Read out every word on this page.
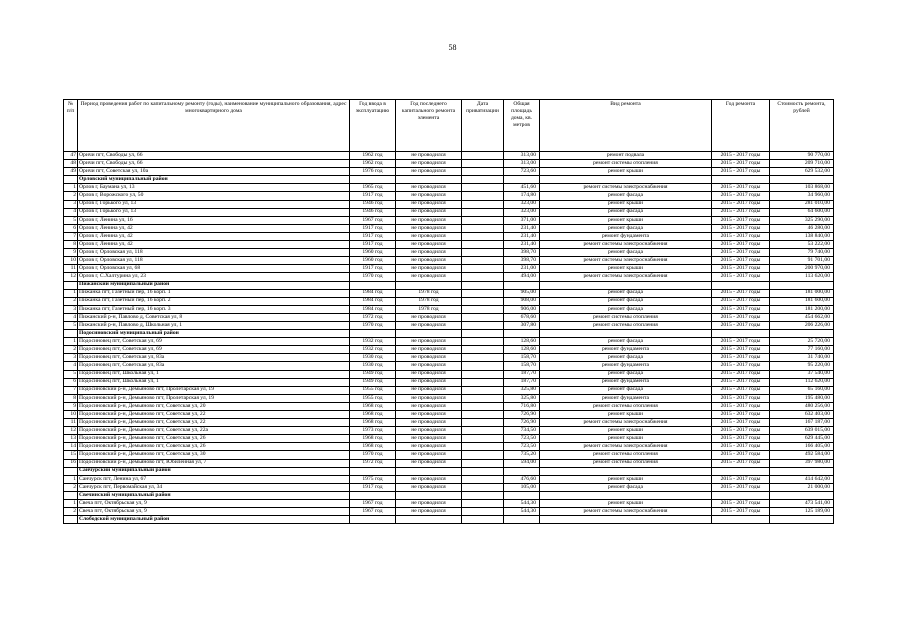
58
№ п/п	Период проведения работ по капитальному ремонту (годы), наименование муниципального образования, адрес многоквартирного дома	Год ввода в эксплуатацию	Год последнего капитального ремонта элемента	Дата приватизации	Общая площадь дома, кв. метров	Вид ремонта	Год ремонта	Стоимость ремонта, рублей
47	Оричи пгт, Свободы ул, 66	1962 год	не проводился		313,00	ремонт подвала	2015 - 2017 годы	90 770,00
48	Оричи пгт, Свободы ул, 66	1962 год	не проводился		313,00	ремонт системы отопления	2015 - 2017 годы	209 710,00
49	Оричи пгт, Советская ул, 10а	1976 год	не проводился		723,60	ремонт крыши	2015 - 2017 годы	629 532,00
	Орловский муниципальный район							
1	Орлов г, Баумана ул, 13	1965 год	не проводился		451,60	ремонт системы электроснабжения	2015 - 2017 годы	103 868,00
2	Орлов г, Ворожского ул, 50	1917 год	не проводился		174,80	ремонт фасада	2015 - 2017 годы	34 960,00
3	Орлов г, Горького ул, 13	1946 год	не проводился		323,00	ремонт крыши	2015 - 2017 годы	281 010,00
4	Орлов г, Горького ул, 13	1946 год	не проводился		323,00	ремонт фасада	2015 - 2017 годы	64 600,00
5	Орлов г, Ленина ул, 16	1967 год	не проводился		371,00	ремонт крыши	2015 - 2017 годы	325 290,00
6	Орлов г, Ленина ул, 42	1917 год	не проводился		231,40	ремонт фасада	2015 - 2017 годы	46 280,00
7	Орлов г, Ленина ул, 42	1917 год	не проводился		231,40	ремонт фундамента	2015 - 2017 годы	138 840,00
8	Орлов г, Ленина ул, 42	1917 год	не проводился		231,40	ремонт системы электроснабжения	2015 - 2017 годы	53 222,00
9	Орлов г, Орловская ул, 118	1960 год	не проводился		398,70	ремонт фасада	2015 - 2017 годы	79 740,00
10	Орлов г, Орловская ул, 118	1960 год	не проводился		398,70	ремонт системы электроснабжения	2015 - 2017 годы	91 701,00
11	Орлов г, Орловская ул, 68	1917 год	не проводился		231,00	ремонт крыши	2015 - 2017 годы	200 970,00
12	Орлов г, С.Халтурина ул, 23	1970 год	не проводился		494,00	ремонт системы электроснабжения	2015 - 2017 годы	113 620,00
	Пижанский муниципальный район							
1	Пижанка пгт, Газетный пер, 16 корп. 1	1984 год	1978 год		905,00	ремонт фасада	2015 - 2017 годы	181 000,00
2	Пижанка пгт, Газетный пер, 16 корп. 2	1984 год	1978 год		908,00	ремонт фасада	2015 - 2017 годы	181 600,00
3	Пижанка пгт, Газетный пер, 16 корп. 3	1984 год	1978 год		906,00	ремонт фасада	2015 - 2017 годы	181 200,00
4	Пижанский р-н, Павлово д, Советская ул, 8	1972 год	не проводился		678,60	ремонт системы отопления	2015 - 2017 годы	454 662,00
5	Пижанский р-н, Павлово д, Школьная ул, 1	1970 год	не проводился		307,80	ремонт системы отопления	2015 - 2017 годы	206 226,00
	Подосиновский муниципальный район							
1	Подосиновец пгт, Советская ул, 69	1932 год	не проводился		128,60	ремонт фасада	2015 - 2017 годы	25 720,00
2	Подосиновец пгт, Советская ул, 69	1932 год	не проводился		128,60	ремонт фундамента	2015 - 2017 годы	77 160,00
3	Подосиновец пгт, Советская ул, 83а	1930 год	не проводился		158,70	ремонт фасада	2015 - 2017 годы	31 740,00
4	Подосиновец пгт, Советская ул, 83а	1930 год	не проводился		158,70	ремонт фундамента	2015 - 2017 годы	95 220,00
5	Подосиновец пгт, Школьная ул, 1	1949 год	не проводился		187,70	ремонт фасада	2015 - 2017 годы	37 540,00
6	Подосиновец пгт, Школьная ул, 1	1949 год	не проводился		187,70	ремонт фундамента	2015 - 2017 годы	112 620,00
7	Подосиновский р-н, Демьяново пгт, Пролетарская ул, 19	1955 год	не проводился		325,80	ремонт фасада	2015 - 2017 годы	65 160,00
8	Подосиновский р-н, Демьяново пгт, Пролетарская ул, 19	1955 год	не проводился		325,80	ремонт фундамента	2015 - 2017 годы	195 480,00
9	Подосиновский р-н, Демьяново пгт, Советская ул, 20	1968 год	не проводился		716,80	ремонт системы отопления	2015 - 2017 годы	480 256,00
10	Подосиновский р-н, Демьяново пгт, Советская ул, 22	1968 год	не проводился		726,90	ремонт крыши	2015 - 2017 годы	632 403,00
11	Подосиновский р-н, Демьяново пгт, Советская ул, 22	1968 год	не проводился		726,90	ремонт системы электроснабжения	2015 - 2017 годы	167 187,00
12	Подосиновский р-н, Демьяново пгт, Советская ул, 22а	1973 год	не проводился		734,50	ремонт крыши	2015 - 2017 годы	639 015,00
13	Подосиновский р-н, Демьяново пгт, Советская ул, 26	1968 год	не проводился		723,50	ремонт крыши	2015 - 2017 годы	629 445,00
14	Подосиновский р-н, Демьяново пгт, Советская ул, 26	1968 год	не проводился		723,50	ремонт системы электроснабжения	2015 - 2017 годы	166 405,00
15	Подосиновский р-н, Демьяново пгт, Советская ул, 30	1970 год	не проводился		735,20	ремонт системы отопления	2015 - 2017 годы	492 584,00
16	Подосиновский р-н, Демьяново пгт, Юбилейная ул, 7	1972 год	не проводился		594,00	ремонт системы отопления	2015 - 2017 годы	397 980,00
	Санчурский муниципальный район							
1	Санчурск пгт, Ленина ул, 67	1975 год	не проводился		476,60	ремонт крыши	2015 - 2017 годы	414 642,00
2	Санчурск пгт, Первомайская ул, 34	1917 год	не проводился		105,00	ремонт фасада	2015 - 2017 годы	21 000,00
	Свечинский муниципальный район							
1	Свеча пгт, Октябрьская ул, 9	1967 год	не проводился		544,30	ремонт крыши	2015 - 2017 годы	473 541,00
2	Свеча пгт, Октябрьская ул, 9	1967 год	не проводился		544,30	ремонт системы электроснабжения	2015 - 2017 годы	125 189,00
	Слободской муниципальный район							
